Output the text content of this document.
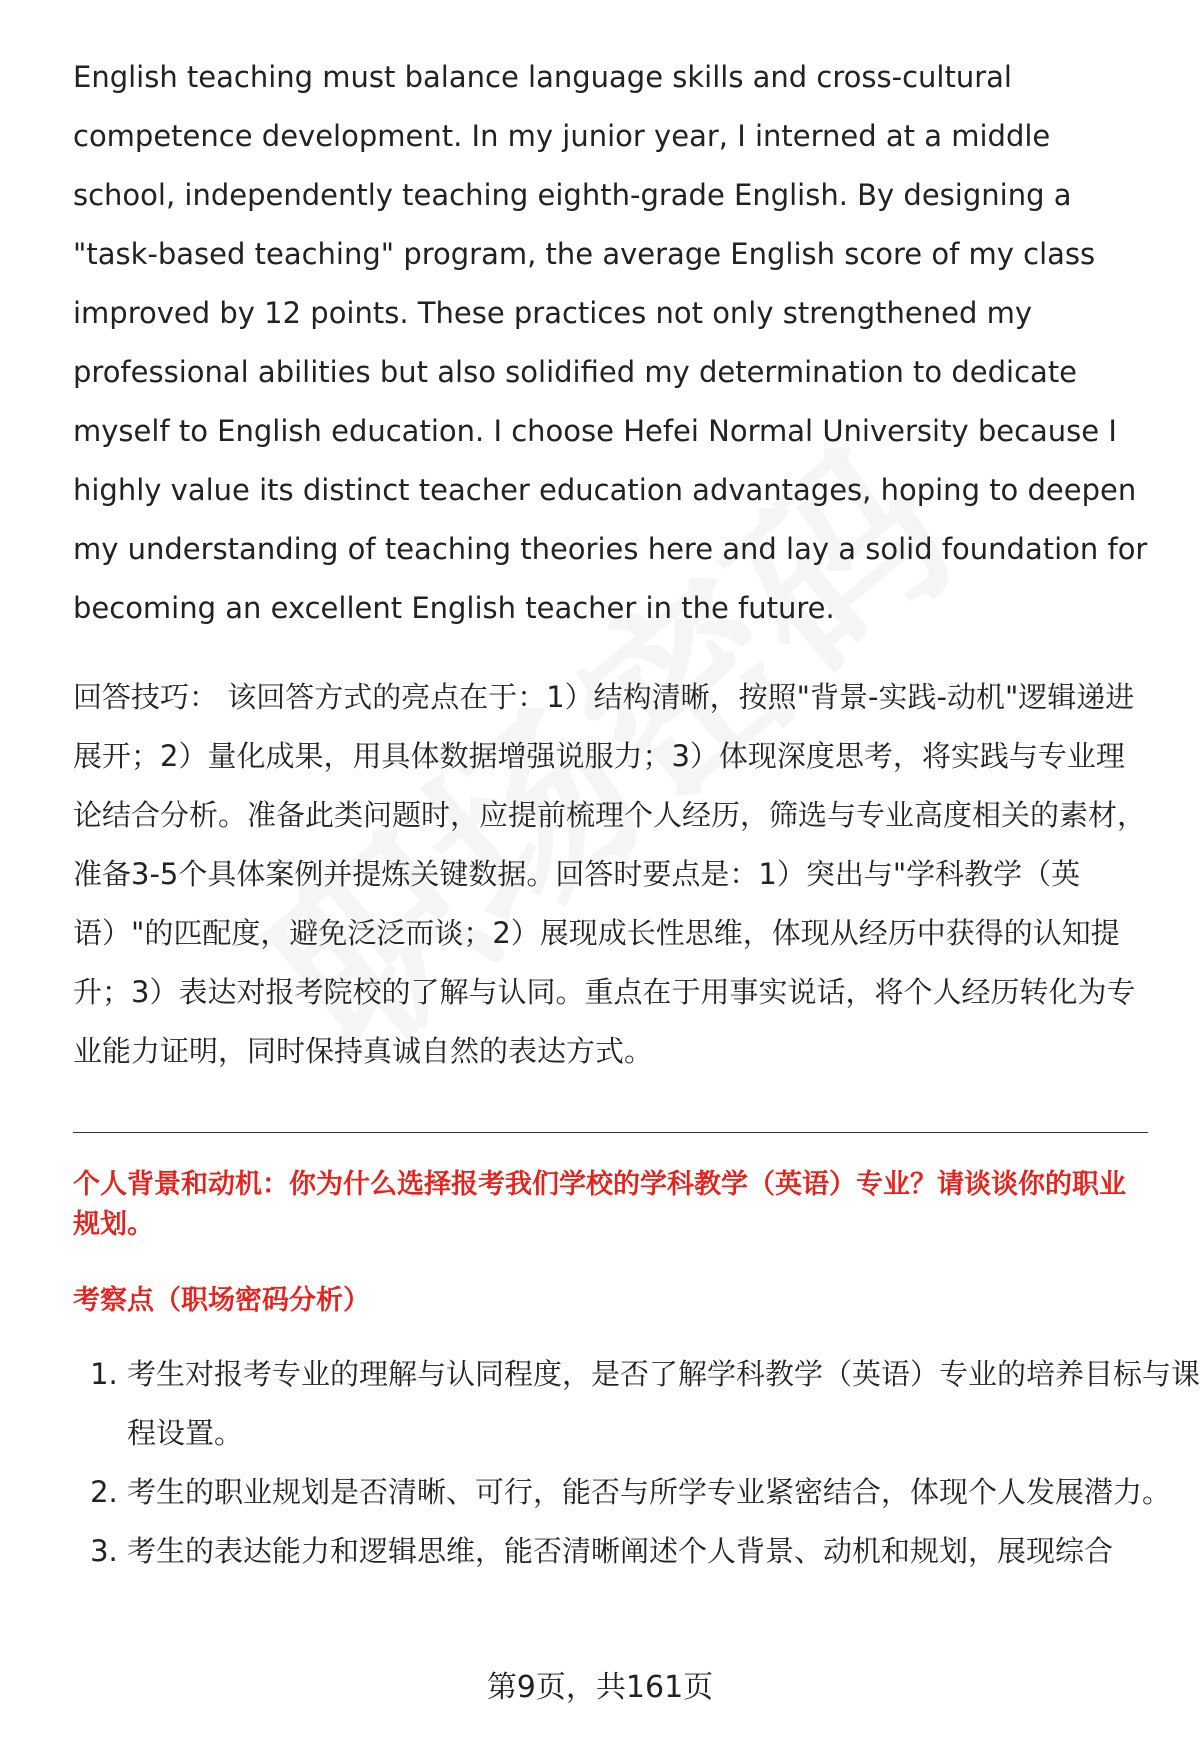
English teaching must balance language skills and cross-cultural competence development. In my junior year, I interned at a middle school, independently teaching eighth-grade English. By designing a "task-based teaching" program, the average English score of my class improved by 12 points. These practices not only strengthened my professional abilities but also solidified my determination to dedicate myself to English education. I choose Hefei Normal University because I highly value its distinct teacher education advantages, hoping to deepen my understanding of teaching theories here and lay a solid foundation for becoming an excellent English teacher in the future.

回答技巧： 该回答方式的亮点在于：1）结构清晰，按照"背景-实践-动机"逻辑递进展开；2）量化成果，用具体数据增强说服力；3）体现深度思考，将实践与专业理论结合分析。准备此类问题时，应提前梳理个人经历，筛选与专业高度相关的素材，准备3-5个具体案例并提炼关键数据。回答时要点是：1）突出与"学科教学（英语）"的匹配度，避免泛泛而谈；2）展现成长性思维，体现从经历中获得的认知提升；3）表达对报考院校的了解与认同。重点在于用事实说话，将个人经历转化为专业能力证明，同时保持真诚自然的表达方式。

个人背景和动机：你为什么选择报考我们学校的学科教学（英语）专业？请谈谈你的职业规划。
考察点（职场密码分析）
1. 考生对报考专业的理解与认同程度，是否了解学科教学（英语）专业的培养目标与课程设置。
2. 考生的职业规划是否清晰、可行，能否与所学专业紧密结合，体现个人发展潜力。
3. 考生的表达能力和逻辑思维，能否清晰阐述个人背景、动机和规划，展现综合
第9页，共161页
